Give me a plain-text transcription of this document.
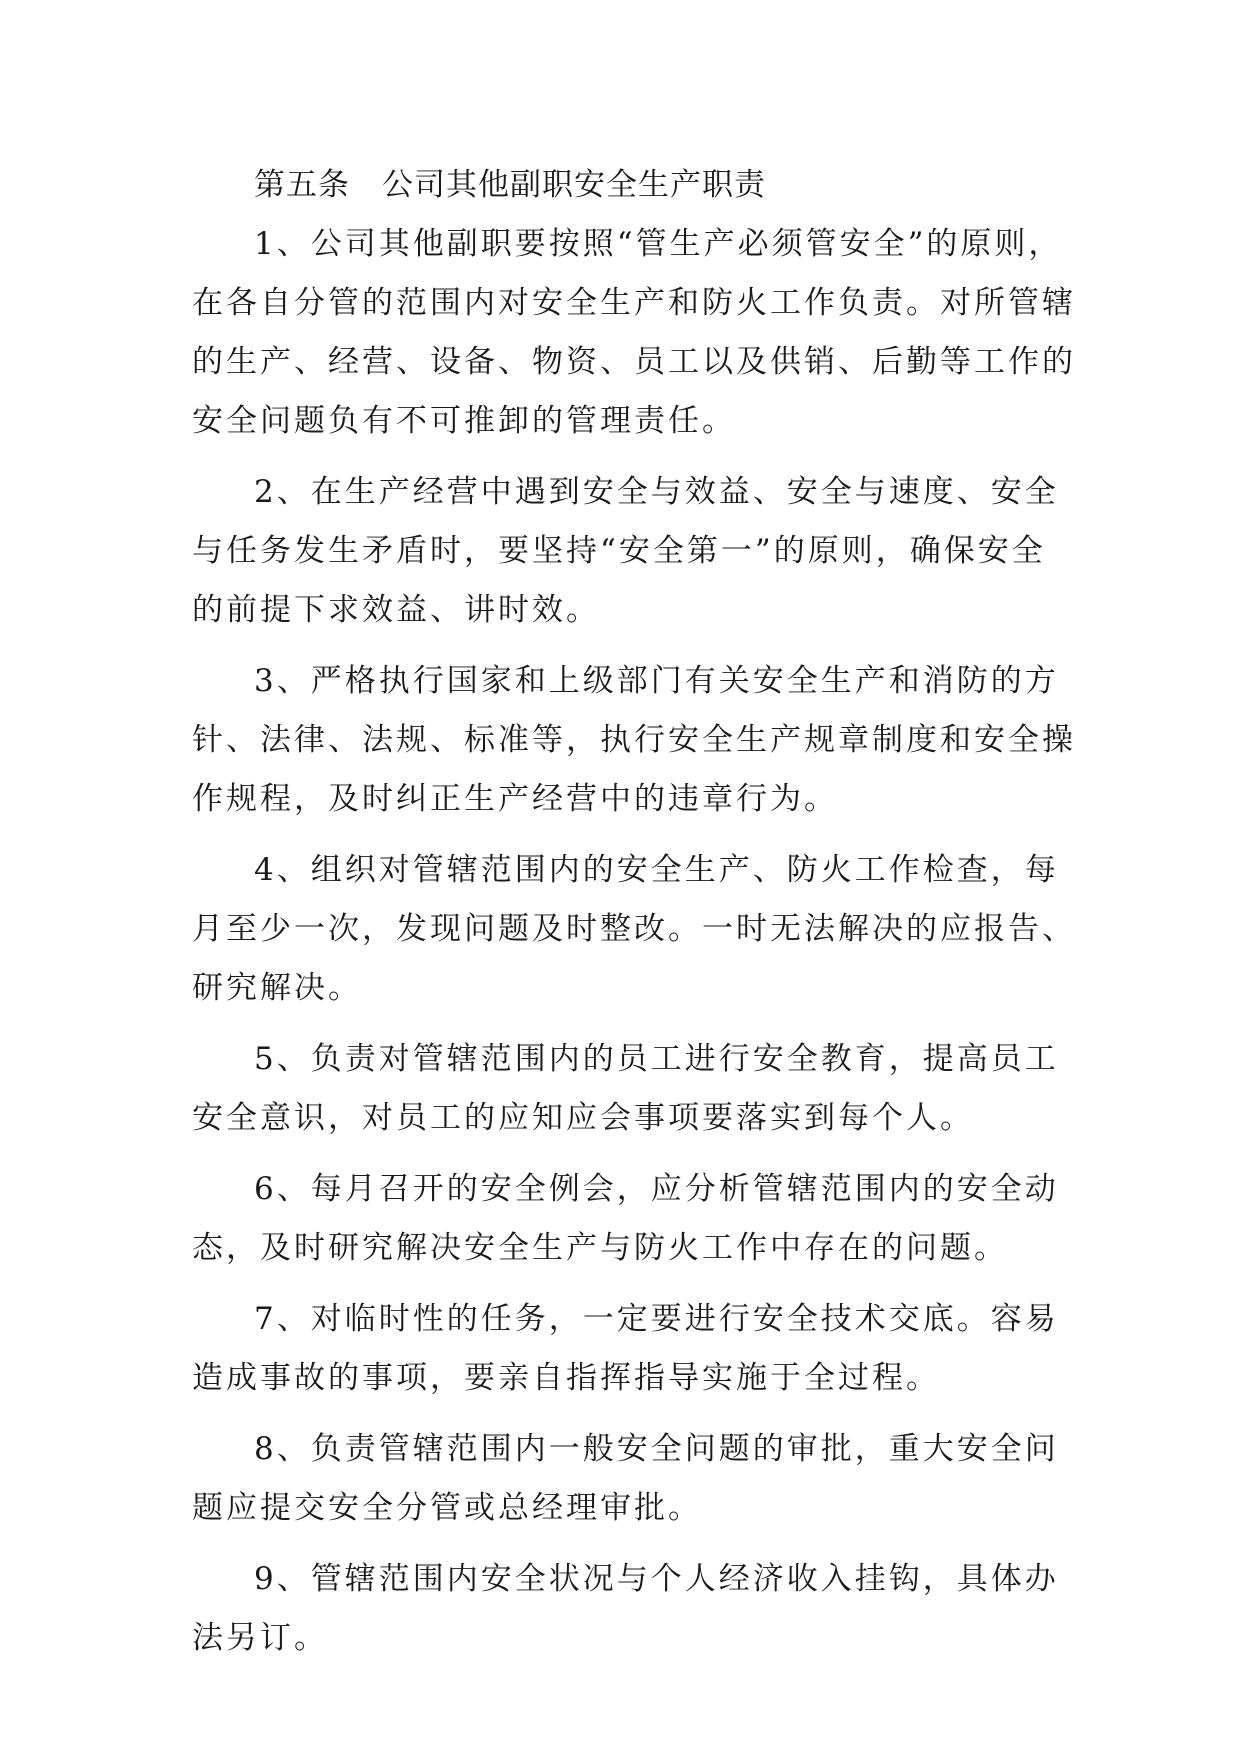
第五条　公司其他副职安全生产职责
1、公司其他副职要按照“管生产必须管安全”的原则，
在各自分管的范围内对安全生产和防火工作负责。对所管辖
的生产、经营、设备、物资、员工以及供销、后勤等工作的
安全问题负有不可推卸的管理责任。
2、在生产经营中遇到安全与效益、安全与速度、安全
与任务发生矛盾时，要坚持“安全第一”的原则，确保安全
的前提下求效益、讲时效。
3、严格执行国家和上级部门有关安全生产和消防的方
针、法律、法规、标准等，执行安全生产规章制度和安全操
作规程，及时纠正生产经营中的违章行为。
4、组织对管辖范围内的安全生产、防火工作检查，每
月至少一次，发现问题及时整改。一时无法解决的应报告、
研究解决。
5、负责对管辖范围内的员工进行安全教育，提高员工
安全意识，对员工的应知应会事项要落实到每个人。
6、每月召开的安全例会，应分析管辖范围内的安全动
态，及时研究解决安全生产与防火工作中存在的问题。
7、对临时性的任务，一定要进行安全技术交底。容易
造成事故的事项，要亲自指挥指导实施于全过程。
8、负责管辖范围内一般安全问题的审批，重大安全问
题应提交安全分管或总经理审批。
9、管辖范围内安全状况与个人经济收入挂钩，具体办
法另订。
